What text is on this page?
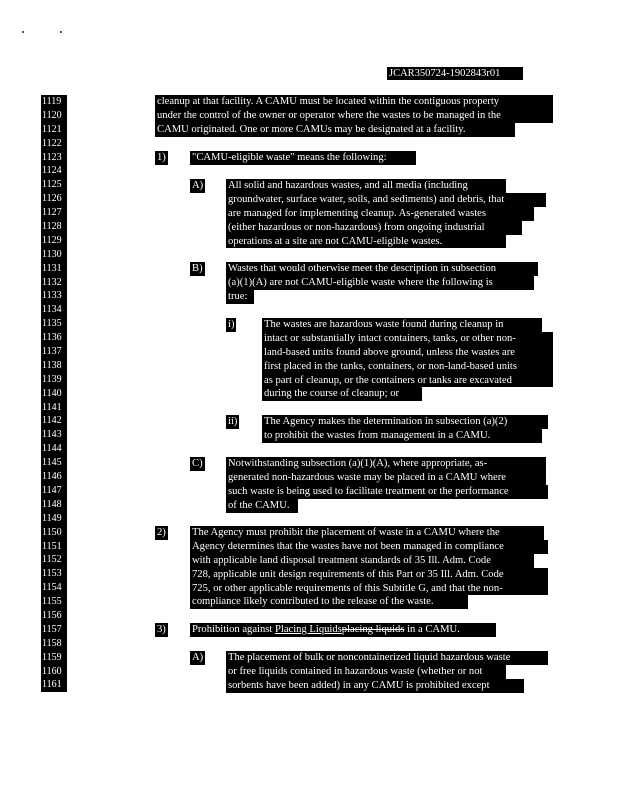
JCAR350724-1902843r01
1119
1120
1121
1122
1123
1124
1125
1126
1127
1128
1129
1130
1131
1132
1133
1134
1135
1136
1137
1138
1139
1140
1141
1142
1143
1144
1145
1146
1147
1148
1149
1150
1151
1152
1153
1154
1155
1156
1157
1158
1159
1160
1161
cleanup at that facility. A CAMU must be located within the contiguous property
under the control of the owner or operator where the wastes to be managed in the
CAMU originated. One or more CAMUs may be designated at a facility.
1) "CAMU-eligible waste" means the following:
A) All solid and hazardous wastes, and all media (including
groundwater, surface water, soils, and sediments) and debris, that
are managed for implementing cleanup. As-generated wastes
(either hazardous or non-hazardous) from ongoing industrial
operations at a site are not CAMU-eligible wastes.
B) Wastes that would otherwise meet the description in subsection
(a)(1)(A) are not CAMU-eligible waste where the following is
true:
i)	The wastes are hazardous waste found during cleanup in
intact or substantially intact containers, tanks, or other non-
land-based units found above ground, unless the wastes are
first placed in the tanks, containers, or non-land-based units
as part of cleanup, or the containers or tanks are excavated
during the course of cleanup; or
ii)	The Agency makes the determination in subsection (a)(2)
to prohibit the wastes from management in a CAMU.
C) Notwithstanding subsection (a)(1)(A), where appropriate, as-
generated non-hazardous waste may be placed in a CAMU where
such waste is being used to facilitate treatment or the performance
of the CAMU.
2) The Agency must prohibit the placement of waste in a CAMU where the
Agency determines that the wastes have not been managed in compliance
with applicable land disposal treatment standards of 35 Ill. Adm. Code
728, applicable unit design requirements of this Part or 35 Ill. Adm. Code
725, or other applicable requirements of this Subtitle G, and that the non-
compliance likely contributed to the release of the waste.
3) Prohibition against Placing Liquidsplacing liquids in a CAMU.
A) The placement of bulk or noncontainerized liquid hazardous waste
or free liquids contained in hazardous waste (whether or not
sorbents have been added) in any CAMU is prohibited except
